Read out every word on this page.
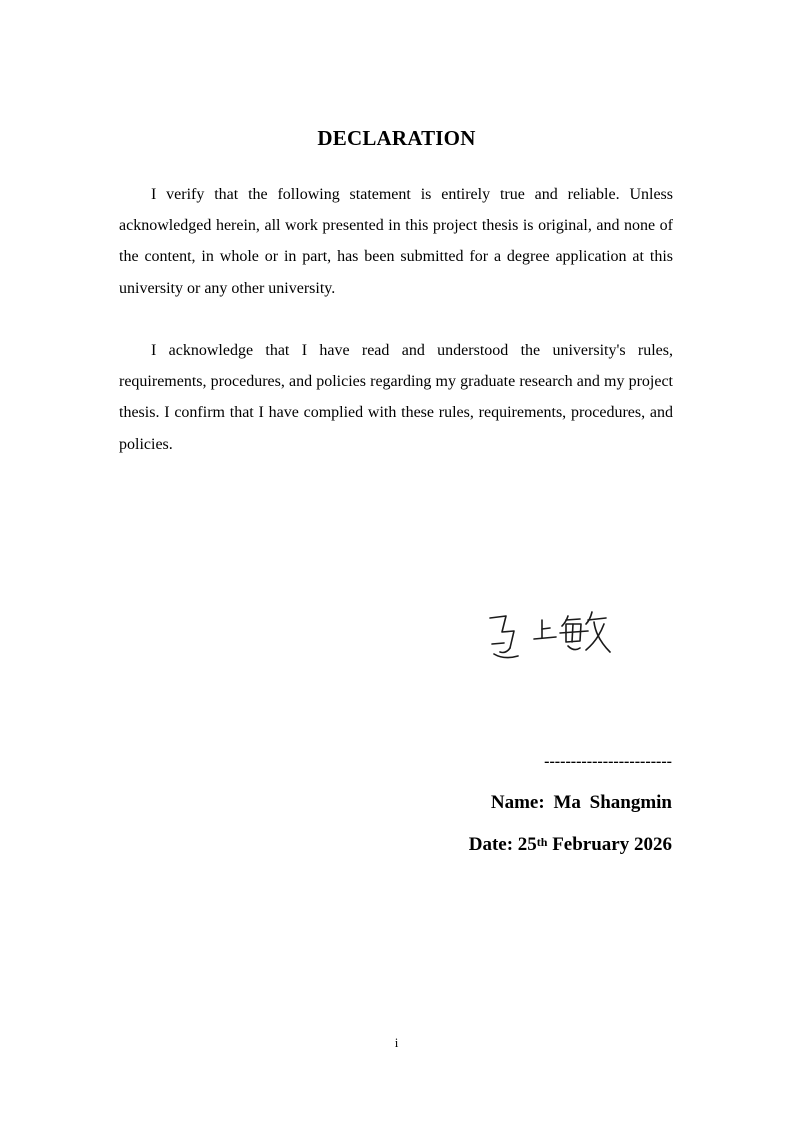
DECLARATION

I verify that the following statement is entirely true and reliable. Unless acknowledged herein, all work presented in this project thesis is original, and none of the content, in whole or in part, has been submitted for a degree application at this university or any other university.

I acknowledge that I have read and understood the university's rules, requirements, procedures, and policies regarding my graduate research and my project thesis. I confirm that I have complied with these rules, requirements, procedures, and policies.

------------------------
Name: Ma Shangmin
Date: 25th February 2026
i
